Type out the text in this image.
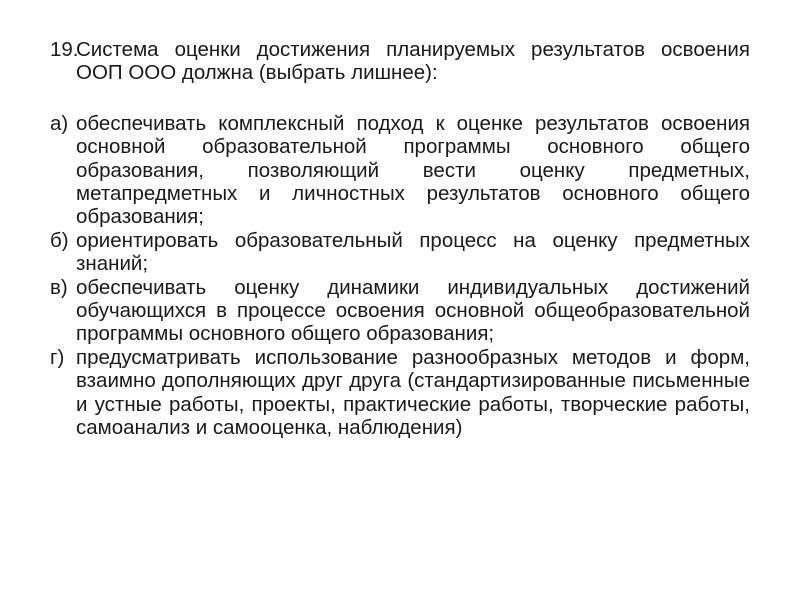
19.
Система оценки достижения планируемых результатов освоения ООП ООО должна (выбрать лишнее):
а) обеспечивать комплексный подход к оценке результатов освоения основной образовательной программы основного общего образования, позволяющий вести оценку предметных, метапредметных и личностных результатов основного общего образования;
б) ориентировать образовательный процесс на оценку предметных знаний;
в) обеспечивать оценку динамики индивидуальных достижений обучающихся в процессе освоения основной общеобразовательной программы основного общего образования;
г) предусматривать использование разнообразных методов и форм, взаимно дополняющих друг друга (стандартизированные письменные и устные работы, проекты, практические работы, творческие работы, самоанализ и самооценка, наблюдения)
